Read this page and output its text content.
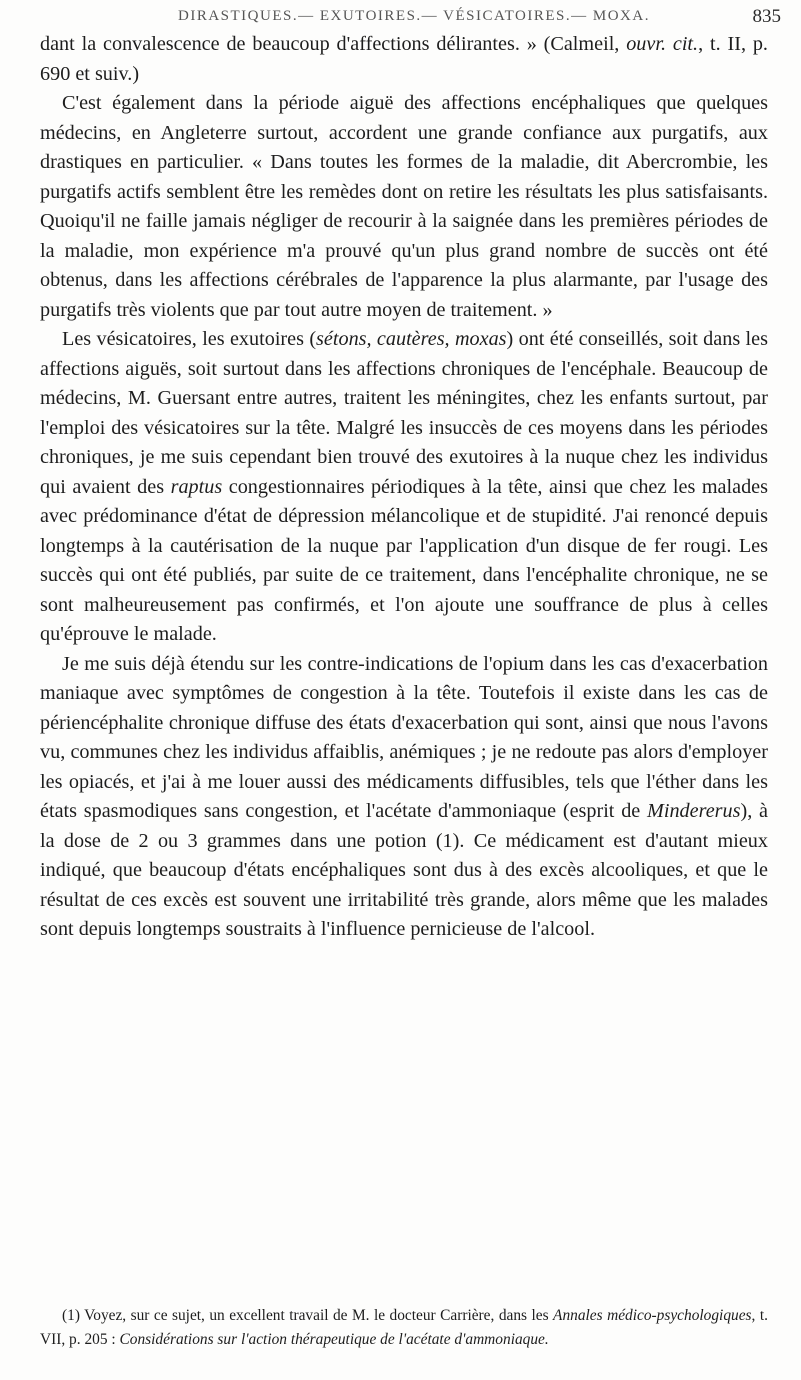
DIRASTIQUES.— EXUTOIRES.— VÉSICATOIRES.— MOXA.	835

dant la convalescence de beaucoup d'affections délirantes. » (Calmeil, ouvr. cit., t. II, p. 690 et suiv.)

C'est également dans la période aiguë des affections encéphaliques que quelques médecins, en Angleterre surtout, accordent une grande confiance aux purgatifs, aux drastiques en particulier. « Dans toutes les formes de la maladie, dit Abercrombie, les purgatifs actifs semblent être les remèdes dont on retire les résultats les plus satisfaisants. Quoiqu'il ne faille jamais négliger de recourir à la saignée dans les premières périodes de la maladie, mon expérience m'a prouvé qu'un plus grand nombre de succès ont été obtenus, dans les affections cérébrales de l'apparence la plus alarmante, par l'usage des purgatifs très violents que par tout autre moyen de traitement. »

Les vésicatoires, les exutoires (sétons, cautères, moxas) ont été conseillés, soit dans les affections aiguës, soit surtout dans les affections chroniques de l'encéphale. Beaucoup de médecins, M. Guersant entre autres, traitent les méningites, chez les enfants surtout, par l'emploi des vésicatoires sur la tête. Malgré les insuccès de ces moyens dans les périodes chroniques, je me suis cependant bien trouvé des exutoires à la nuque chez les individus qui avaient des raptus congestionnaires périodiques à la tête, ainsi que chez les malades avec prédominance d'état de dépression mélancolique et de stupidité. J'ai renoncé depuis longtemps à la cautérisation de la nuque par l'application d'un disque de fer rougi. Les succès qui ont été publiés, par suite de ce traitement, dans l'encéphalite chronique, ne se sont malheureusement pas confirmés, et l'on ajoute une souffrance de plus à celles qu'éprouve le malade.

Je me suis déjà étendu sur les contre-indications de l'opium dans les cas d'exacerbation maniaque avec symptômes de congestion à la tête. Toutefois il existe dans les cas de périencéphalite chronique diffuse des états d'exacerbation qui sont, ainsi que nous l'avons vu, communes chez les individus affaiblis, anémiques ; je ne redoute pas alors d'employer les opiacés, et j'ai à me louer aussi des médicaments diffusibles, tels que l'éther dans les états spasmodiques sans congestion, et l'acétate d'ammoniaque (esprit de Mindererus), à la dose de 2 ou 3 grammes dans une potion (1). Ce médicament est d'autant mieux indiqué, que beaucoup d'états encéphaliques sont dus à des excès alcooliques, et que le résultat de ces excès est souvent une irritabilité très grande, alors même que les malades sont depuis longtemps soustraits à l'influence pernicieuse de l'alcool.

(1) Voyez, sur ce sujet, un excellent travail de M. le docteur Carrière, dans les Annales médico-psychologiques, t. VII, p. 205 : Considérations sur l'action thérapeutique de l'acétate d'ammoniaque.
